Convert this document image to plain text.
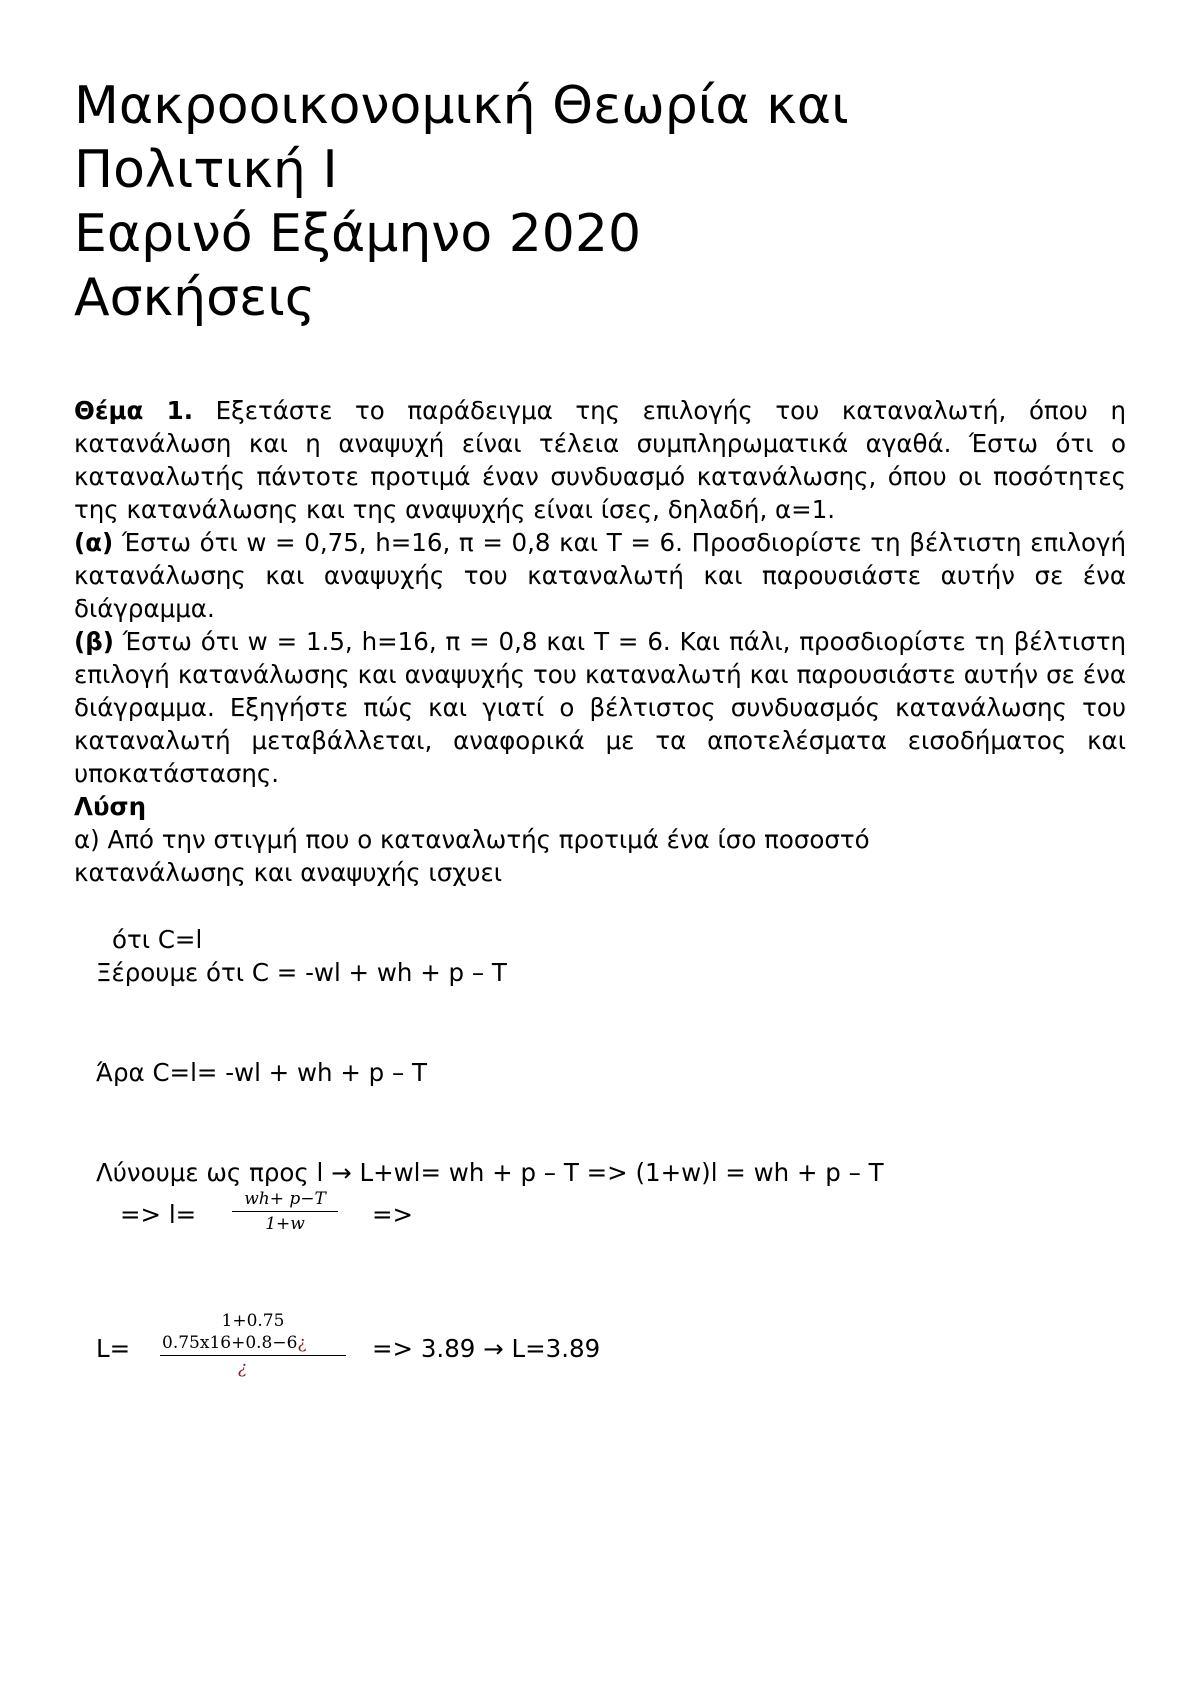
Μακροοικονομική Θεωρία και
Πολιτική Ι
Εαρινό Εξάμηνο 2020
Ασκήσεις

Θέμα 1. Εξετάστε το παράδειγμα της επιλογής του καταναλωτή, όπου η κατανάλωση και η αναψυχή είναι τέλεια συμπληρωματικά αγαθά. Έστω ότι ο καταναλωτής πάντοτε προτιμά έναν συνδυασμό κατανάλωσης, όπου οι ποσότητες της κατανάλωσης και της αναψυχής είναι ίσες, δηλαδή, α=1.

(α) Έστω ότι w = 0,75, h=16, π = 0,8 και T = 6. Προσδιορίστε τη βέλτιστη επιλογή κατανάλωσης και αναψυχής του καταναλωτή και παρουσιάστε αυτήν σε ένα διάγραμμα.

(β) Έστω ότι w = 1.5, h=16, π = 0,8 και T = 6. Και πάλι, προσδιορίστε τη βέλτιστη επιλογή κατανάλωσης και αναψυχής του καταναλωτή και παρουσιάστε αυτήν σε ένα διάγραμμα. Εξηγήστε πώς και γιατί ο βέλτιστος συνδυασμός κατανάλωσης του καταναλωτή μεταβάλλεται, αναφορικά με τα αποτελέσματα εισοδήματος και υποκατάστασης.

Λύση

α) Από την στιγμή που ο καταναλωτής προτιμά ένα ίσο ποσοστό

κατανάλωσης και αναψυχής ισχυει

ότι C=l
Ξέρουμε ότι C = -wl + wh + p – T
Άρα C=l= -wl + wh + p – T
Λύνουμε ως προς l → L+wl= wh + p – T => (1+w)l = wh + p – T
=> l=
wh+ p−T
1+w	=>
L=
1+0.75
0.75x16+0.8−6¿
¿
=> 3.89 → L=3.89
